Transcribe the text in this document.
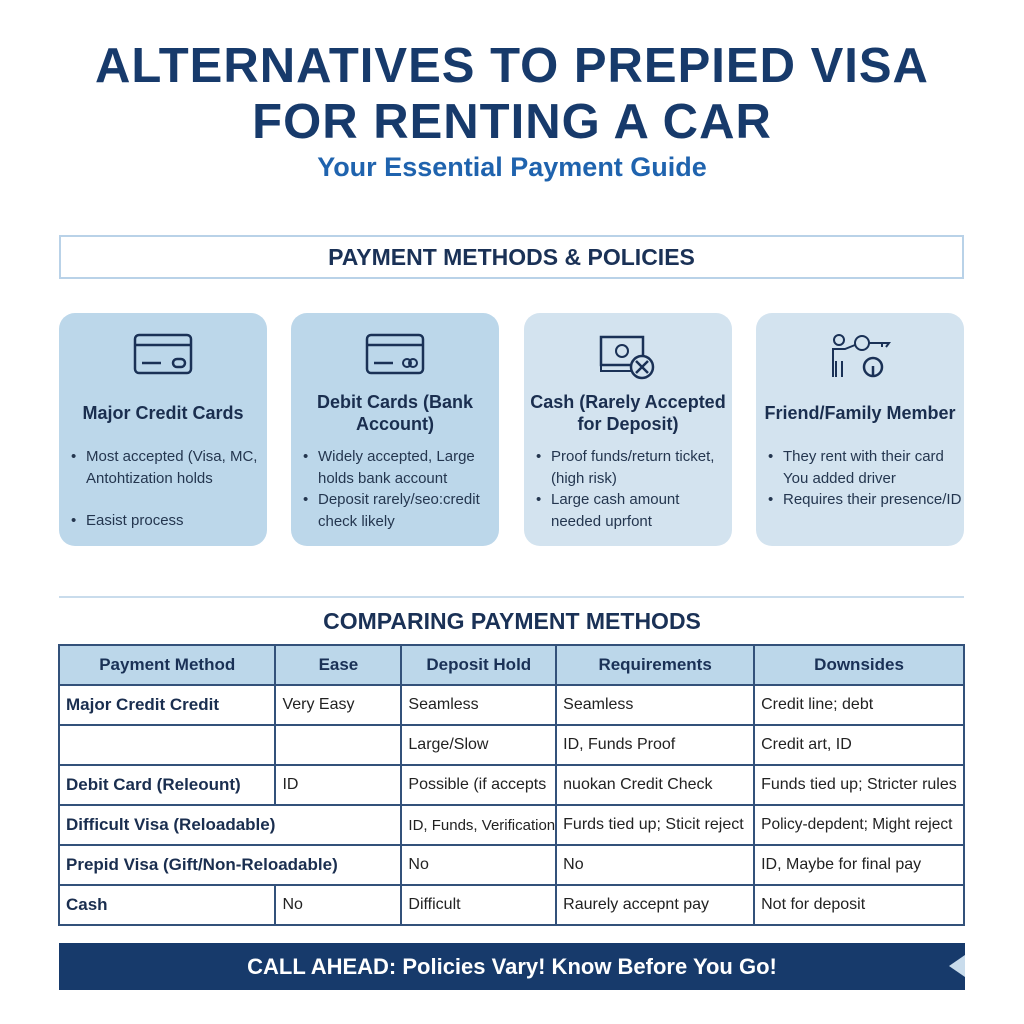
ALTERNATIVES TO PREPIED VISA
FOR RENTING A CAR
Your Essential Payment Guide
PAYMENT METHODS & POLICIES
Major Credit Cards
• Most accepted (Visa, MC, Antohtization holds
• Easist process
Debit Cards (Bank Account)
• Widely accepted, Large holds bank account
• Deposit rarely/seo:credit check likely
Cash (Rarely Accepted for Deposit)
• Proof funds/return ticket, (high risk)
• Large cash amount needed uprfont
Friend/Family Member
• They rent with their card You added driver
• Requires their presence/ID
COMPARING PAYMENT METHODS
Payment Method	Ease	Deposit Hold	Requirements	Downsides
Major Credit Credit	Very Easy	Seamless	Seamless	Credit line; debt
		Large/Slow	ID, Funds Proof	Credit art, ID
Debit Card (Releount)	ID	Possible (if accepts	nuokan Credit Check	Funds tied up; Stricter rules
Difficult Visa (Reloadable)		ID, Funds, Verification	Furds tied up; Sticit reject	Policy-depdent; Might reject
Prepid Visa (Gift/Non-Reloadable)		No	No	ID, Maybe for final pay
Cash	No	Difficult	Raurely accepnt pay	Not for deposit
CALL AHEAD: Policies Vary! Know Before You Go!
